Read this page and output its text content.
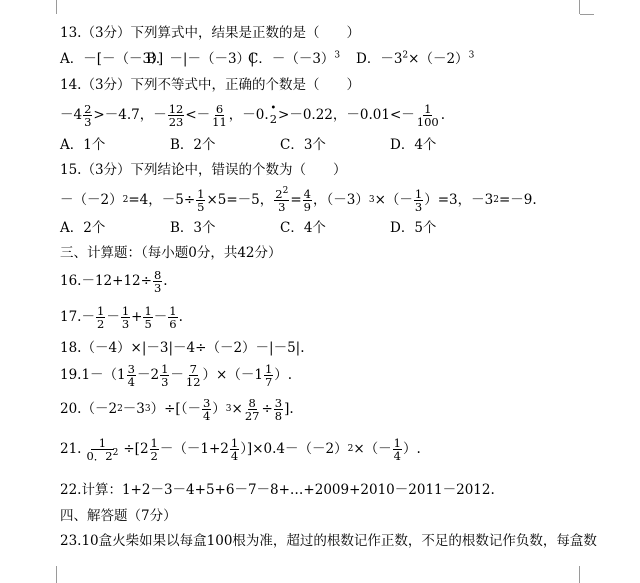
13.（3分）下列算式中，结果是正数的是（　　）
A．－[－（－3）]
B．－|－（－3）|
C．$-(-3)^3$	D．$-3^2\times(-2)^3$
14.（3分）下列不等式中，正确的个数是（　　）
$-4 \frac{2}{3} >-4.7$，－ $\frac{12}{23} <- \frac{6}{11}$ ，－0. •
2 >－0.22，$-0.01<- \frac{1}{100}$ .
A．1个	B．2个	C．3个	D．4个
15.（3分）下列结论中，错误的个数为（　　）
－（－2） 2 =4，$-5\div \frac{1}{5} \times 5=-5$， $\frac{2^2}{3} = \frac{4}{9}$ ，（－3） 3 ×（－ $\frac{1}{3} )=3$，－3 2 =－9.
A．2个	B．3个	C．4个	D．5个
三、计算题：（每小题0分，共42分）
$16.-12+12\div \frac{8}{3}$ .
$17.- \frac{1}{2} - \frac{1}{3} + \frac{1}{5} - \frac{1}{6}$ .
18.（－4）×|－3|－4÷（－2）－|－5|.
$19.1-(1 \frac{3}{4} -2 \frac{1}{3} - \frac{7}{12} )\times(-1 \frac{1}{7}$ ）.
20.（－2 2 －3 3 ）÷[（－ $\frac{3}{4}$ ） $3 \times \frac{8}{27} \div \frac{3}{8}$ ].
21. $\frac{1}{0.2^2} \div[2 \frac{1}{2} -(-1+2 \frac{1}{4} )]\times 0.4-(-2)$ 2 ×（－ $\frac{1}{4}$ ）.
22.计算：1+2－3－4+5+6－7－8+…+2009+2010－2011－2012.
四、解答题（7分）
23.10盒火柴如果以每盒100根为准，超过的根数记作正数，不足的根数记作负数，每盒数
